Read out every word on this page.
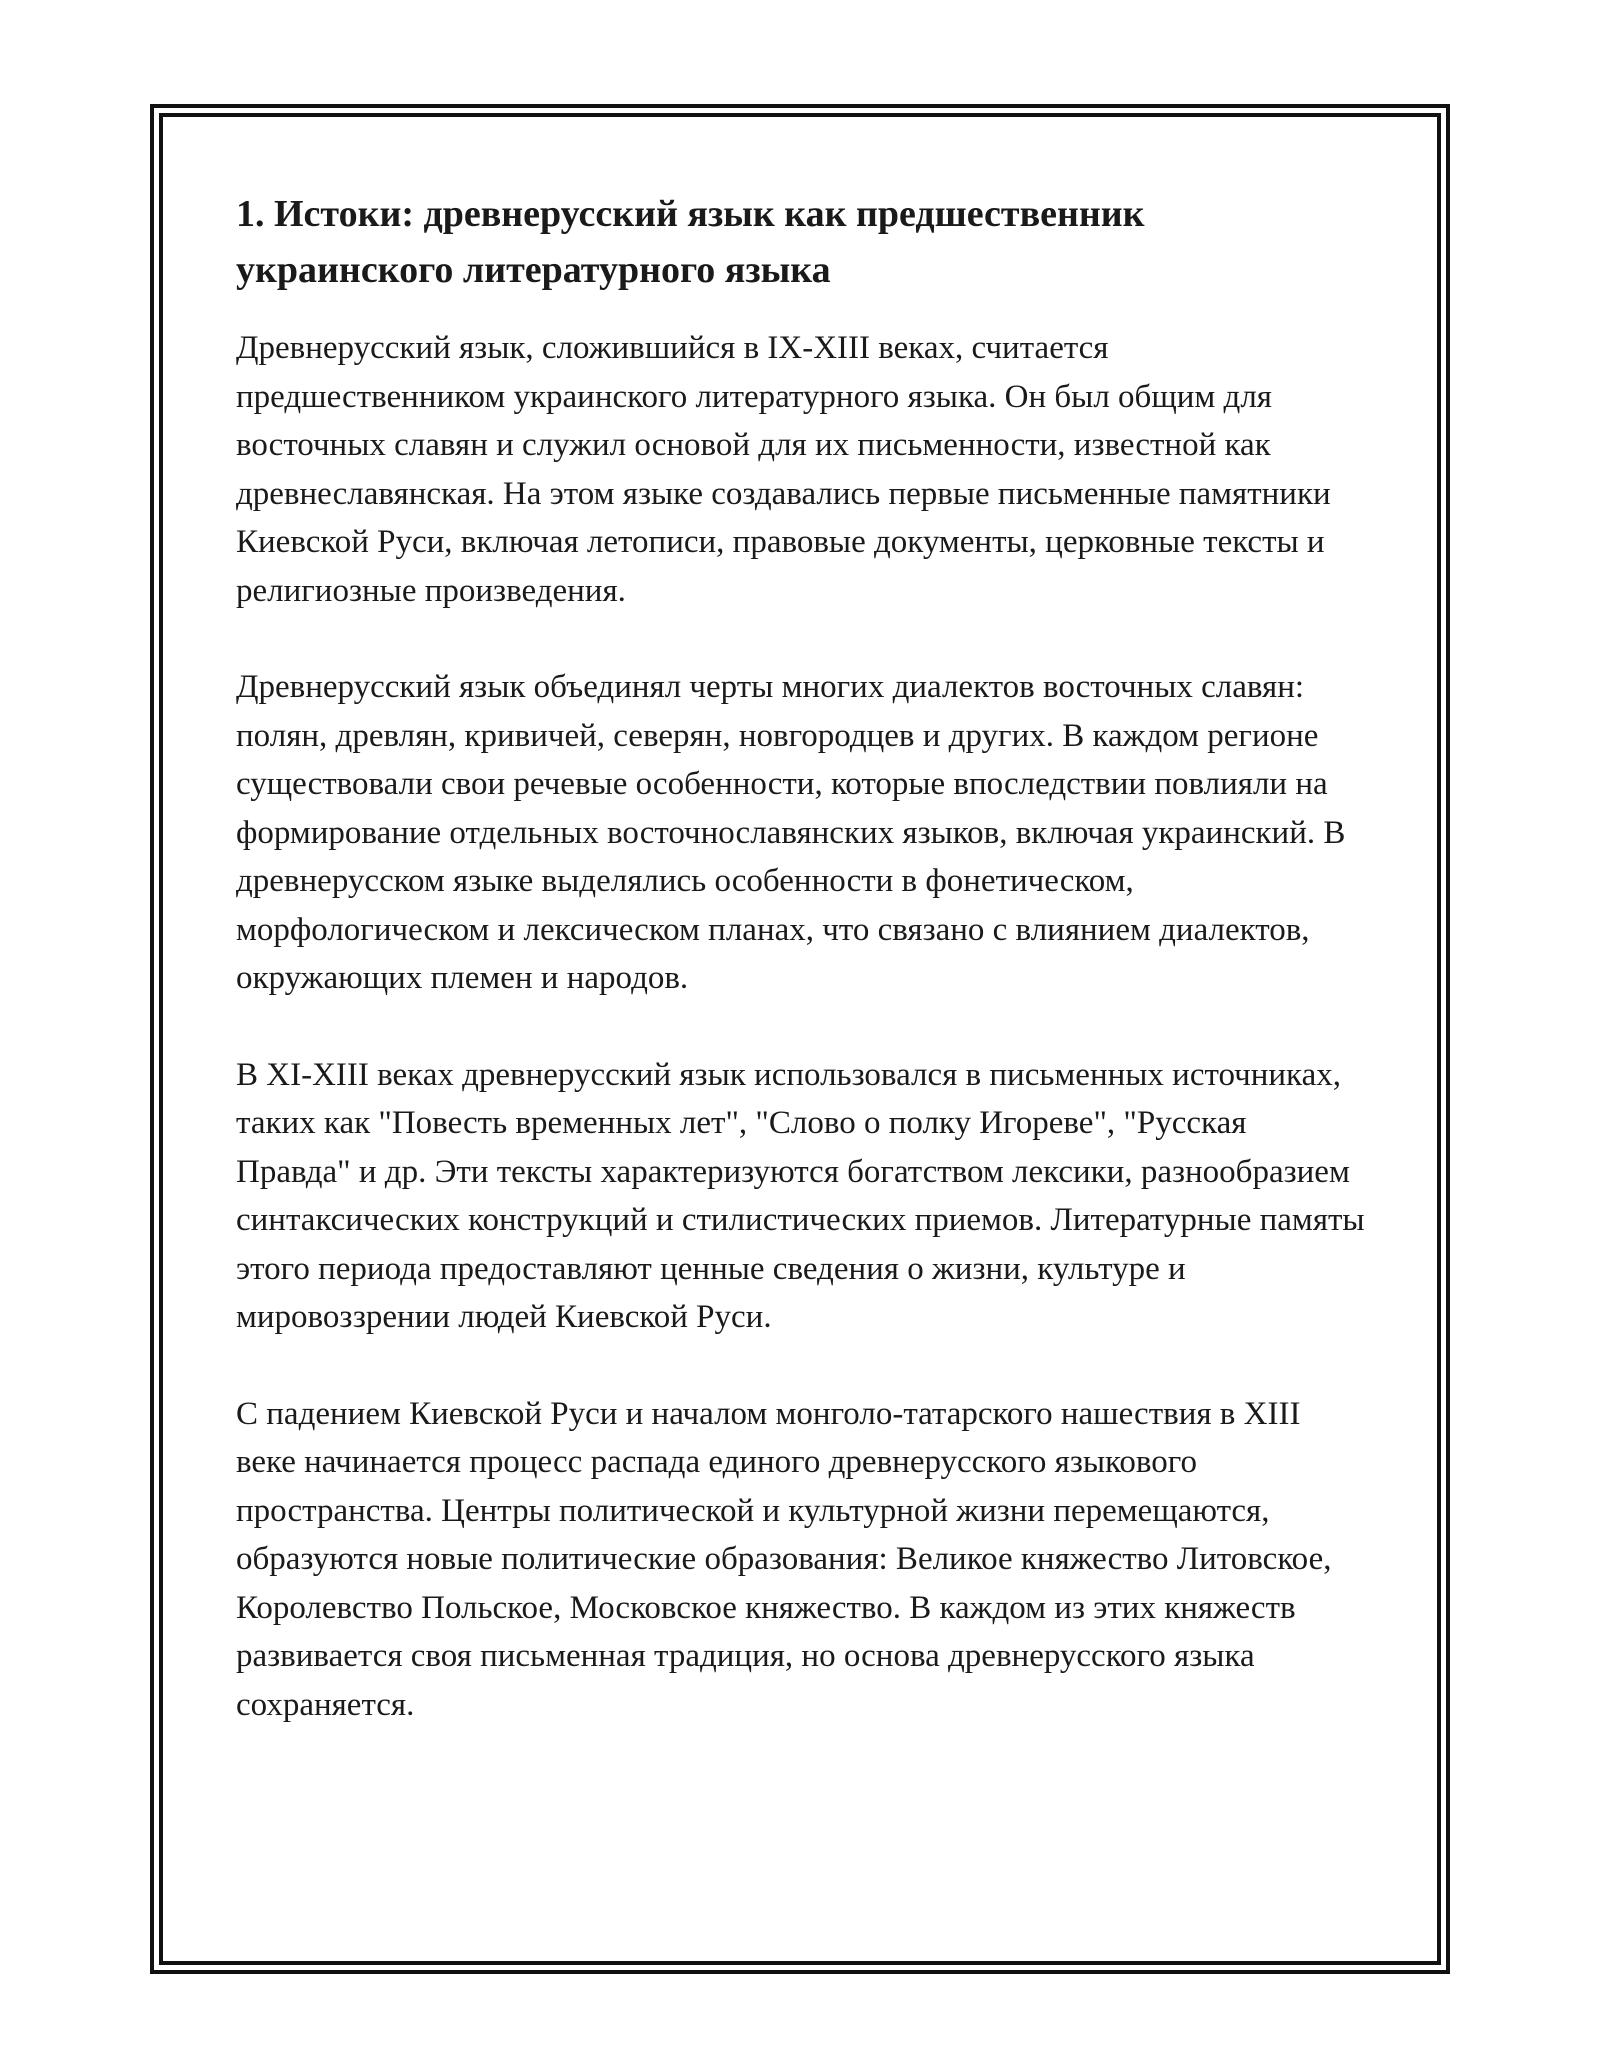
1. Истоки: древнерусский язык как предшественник украинского литературного языка

Древнерусский язык, сложившийся в IX-XIII веках, считается предшественником украинского литературного языка. Он был общим для восточных славян и служил основой для их письменности, известной как древнеславянская. На этом языке создавались первые письменные памятники Киевской Руси, включая летописи, правовые документы, церковные тексты и религиозные произведения.

Древнерусский язык объединял черты многих диалектов восточных славян: полян, древлян, кривичей, северян, новгородцев и других. В каждом регионе существовали свои речевые особенности, которые впоследствии повлияли на формирование отдельных восточнославянских языков, включая украинский. В древнерусском языке выделялись особенности в фонетическом, морфологическом и лексическом планах, что связано с влиянием диалектов, окружающих племен и народов.

В XI-XIII веках древнерусский язык использовался в письменных источниках, таких как "Повесть временных лет", "Слово о полку Игореве", "Русская Правда" и др. Эти тексты характеризуются богатством лексики, разнообразием синтаксических конструкций и стилистических приемов. Литературные памяты этого периода предоставляют ценные сведения о жизни, культуре и мировоззрении людей Киевской Руси.

С падением Киевской Руси и началом монголо-татарского нашествия в XIII веке начинается процесс распада единого древнерусского языкового пространства. Центры политической и культурной жизни перемещаются, образуются новые политические образования: Великое княжество Литовское, Королевство Польское, Московское княжество. В каждом из этих княжеств развивается своя письменная традиция, но основа древнерусского языка сохраняется.
